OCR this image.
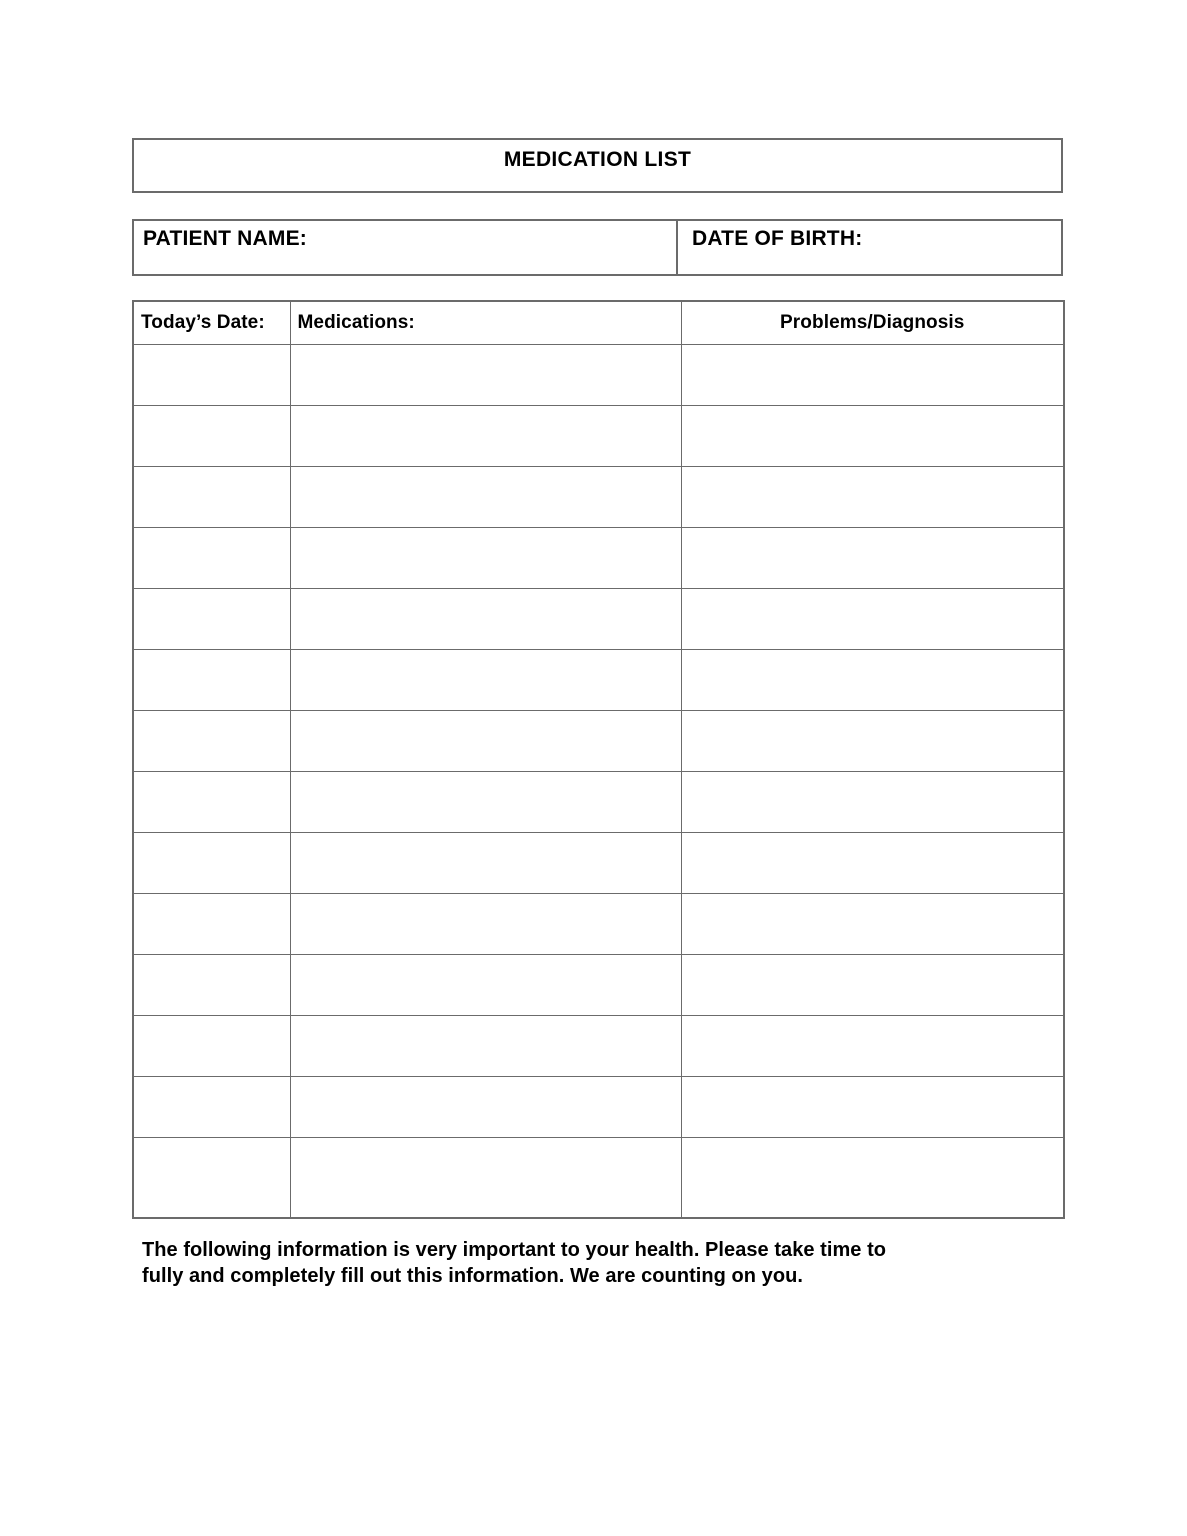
MEDICATION LIST
PATIENT NAME:	DATE OF BIRTH:
Today’s Date:	Medications:	Problems/Diagnosis

The following information is very important to your health. Please take time to
fully and completely fill out this information. We are counting on you.
